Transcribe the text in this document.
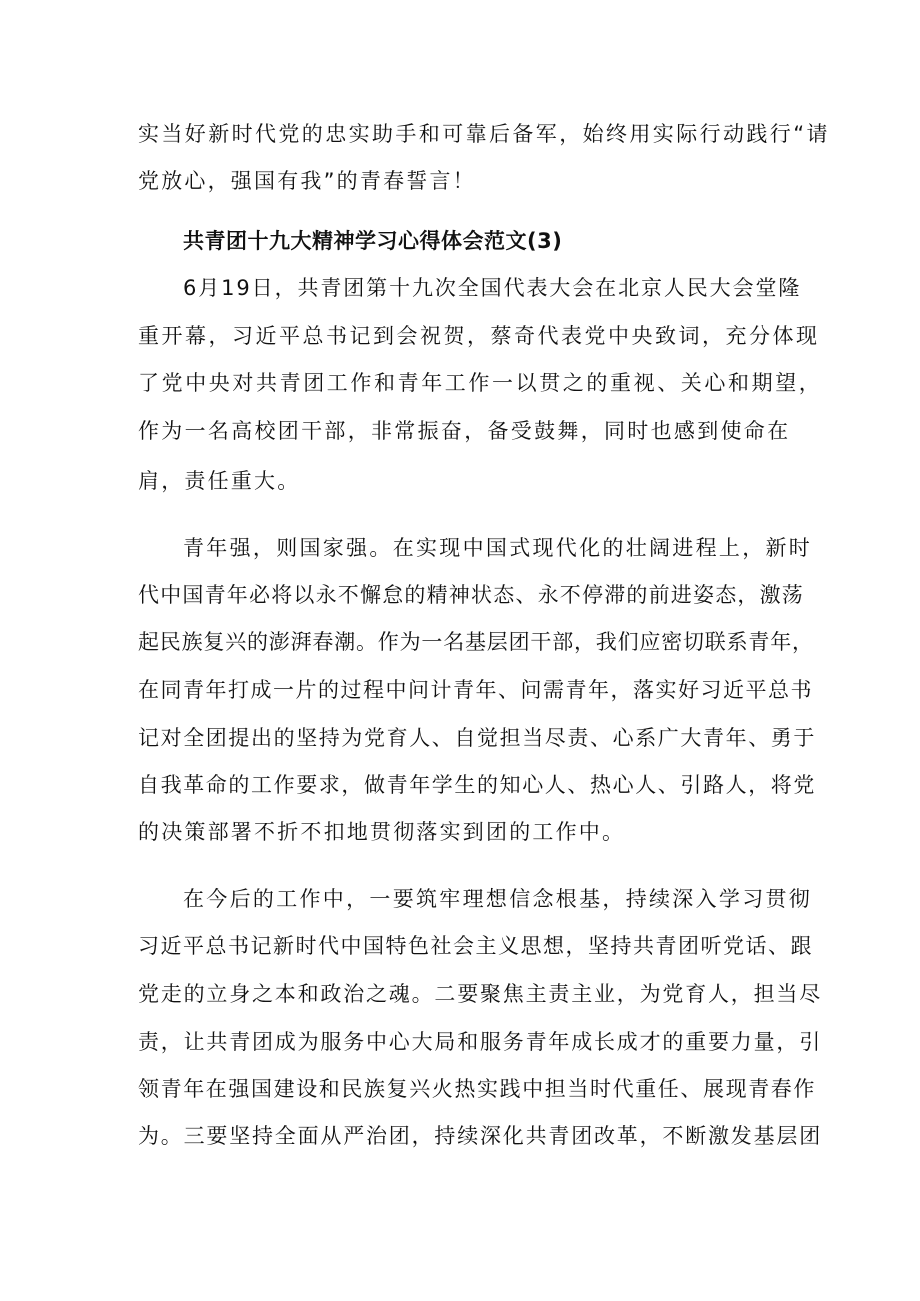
实当好新时代党的忠实助手和可靠后备军，始终用实际行动践行“请
党放心，强国有我”的青春誓言！
共青团十九大精神学习心得体会范文(3)
6月19日，共青团第十九次全国代表大会在北京人民大会堂隆
重开幕，习近平总书记到会祝贺，蔡奇代表党中央致词，充分体现
了党中央对共青团工作和青年工作一以贯之的重视、关心和期望，
作为一名高校团干部，非常振奋，备受鼓舞，同时也感到使命在
肩，责任重大。
青年强，则国家强。在实现中国式现代化的壮阔进程上，新时
代中国青年必将以永不懈怠的精神状态、永不停滞的前进姿态，激荡
起民族复兴的澎湃春潮。作为一名基层团干部，我们应密切联系青年，
在同青年打成一片的过程中问计青年、问需青年，落实好习近平总书
记对全团提出的坚持为党育人、自觉担当尽责、心系广大青年、勇于
自我革命的工作要求，做青年学生的知心人、热心人、引路人，将党
的决策部署不折不扣地贯彻落实到团的工作中。
在今后的工作中，一要筑牢理想信念根基，持续深入学习贯彻
习近平总书记新时代中国特色社会主义思想，坚持共青团听党话、跟
党走的立身之本和政治之魂。二要聚焦主责主业，为党育人，担当尽
责，让共青团成为服务中心大局和服务青年成长成才的重要力量，引
领青年在强国建设和民族复兴火热实践中担当时代重任、展现青春作
为。三要坚持全面从严治团，持续深化共青团改革，不断激发基层团
